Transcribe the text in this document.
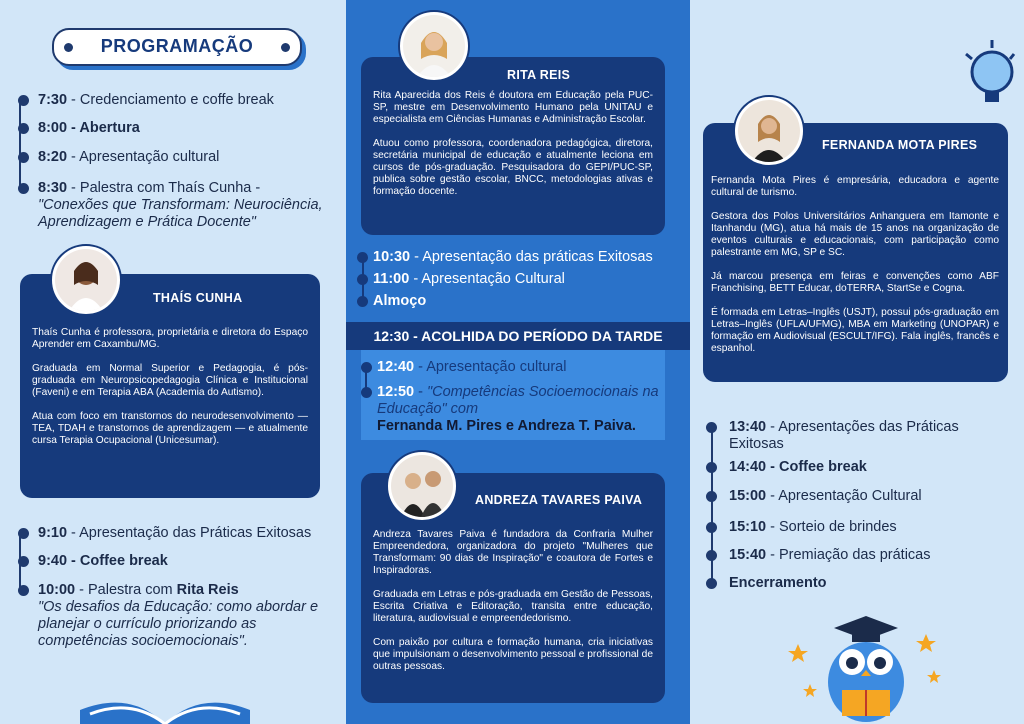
PROGRAMAÇÃO
7:30 - Credenciamento e coffe break
8:00 - Abertura
8:20 - Apresentação cultural
8:30 - Palestra com Thaís Cunha -
"Conexões que Transformam: Neurociência, Aprendizagem e Prática Docente"
THAÍS CUNHA

Thaís Cunha é professora, proprietária e diretora do Espaço Aprender em Caxambu/MG.

Graduada em Normal Superior e Pedagogia, é pós-graduada em Neuropsicopedagogia Clínica e Institucional (Faveni) e em Terapia ABA (Academia do Autismo).

Atua com foco em transtornos do neurodesenvolvimento — TEA, TDAH e transtornos de aprendizagem — e atualmente cursa Terapia Ocupacional (Unicesumar).

9:10 - Apresentação das Práticas Exitosas
9:40 - Coffee break
10:00 - Palestra com Rita Reis
"Os desafios da Educação: como abordar e planejar o currículo priorizando as competências socioemocionais".
RITA REIS

Rita Aparecida dos Reis é doutora em Educação pela PUC-SP, mestre em Desenvolvimento Humano pela UNITAU e especialista em Ciências Humanas e Administração Escolar.

Atuou como professora, coordenadora pedagógica, diretora, secretária municipal de educação e atualmente leciona em cursos de pós-graduação. Pesquisadora do GEPI/PUC-SP, publica sobre gestão escolar, BNCC, metodologias ativas e formação docente.

10:30 - Apresentação das práticas Exitosas
11:00 - Apresentação Cultural
Almoço
12:30 - ACOLHIDA DO PERÍODO DA TARDE
12:40 - Apresentação cultural
12:50 - "Competências Socioemocionais na Educação" com
Fernanda M. Pires e Andreza T. Paiva.
ANDREZA TAVARES PAIVA

Andreza Tavares Paiva é fundadora da Confraria Mulher Empreendedora, organizadora do projeto "Mulheres que Transformam: 90 dias de Inspiração" e coautora de Fortes e Inspiradoras.

Graduada em Letras e pós-graduada em Gestão de Pessoas, Escrita Criativa e Editoração, transita entre educação, literatura, audiovisual e empreendedorismo.

Com paixão por cultura e formação humana, cria iniciativas que impulsionam o desenvolvimento pessoal e profissional de outras pessoas.

FERNANDA MOTA PIRES

Fernanda Mota Pires é empresária, educadora e agente cultural de turismo.

Gestora dos Polos Universitários Anhanguera em Itamonte e Itanhandu (MG), atua há mais de 15 anos na organização de eventos culturais e educacionais, com participação como palestrante em MG, SP e SC.

Já marcou presença em feiras e convenções como ABF Franchising, BETT Educar, doTERRA, StartSe e Cogna.

É formada em Letras–Inglês (USJT), possui pós-graduação em Letras–Inglês (UFLA/UFMG), MBA em Marketing (UNOPAR) e formação em Audiovisual (ESCULT/IFG). Fala inglês, francês e espanhol.

13:40 - Apresentações das Práticas Exitosas
14:40 - Coffee break
15:00 - Apresentação Cultural
15:10 - Sorteio de brindes
15:40 - Premiação das práticas
Encerramento
